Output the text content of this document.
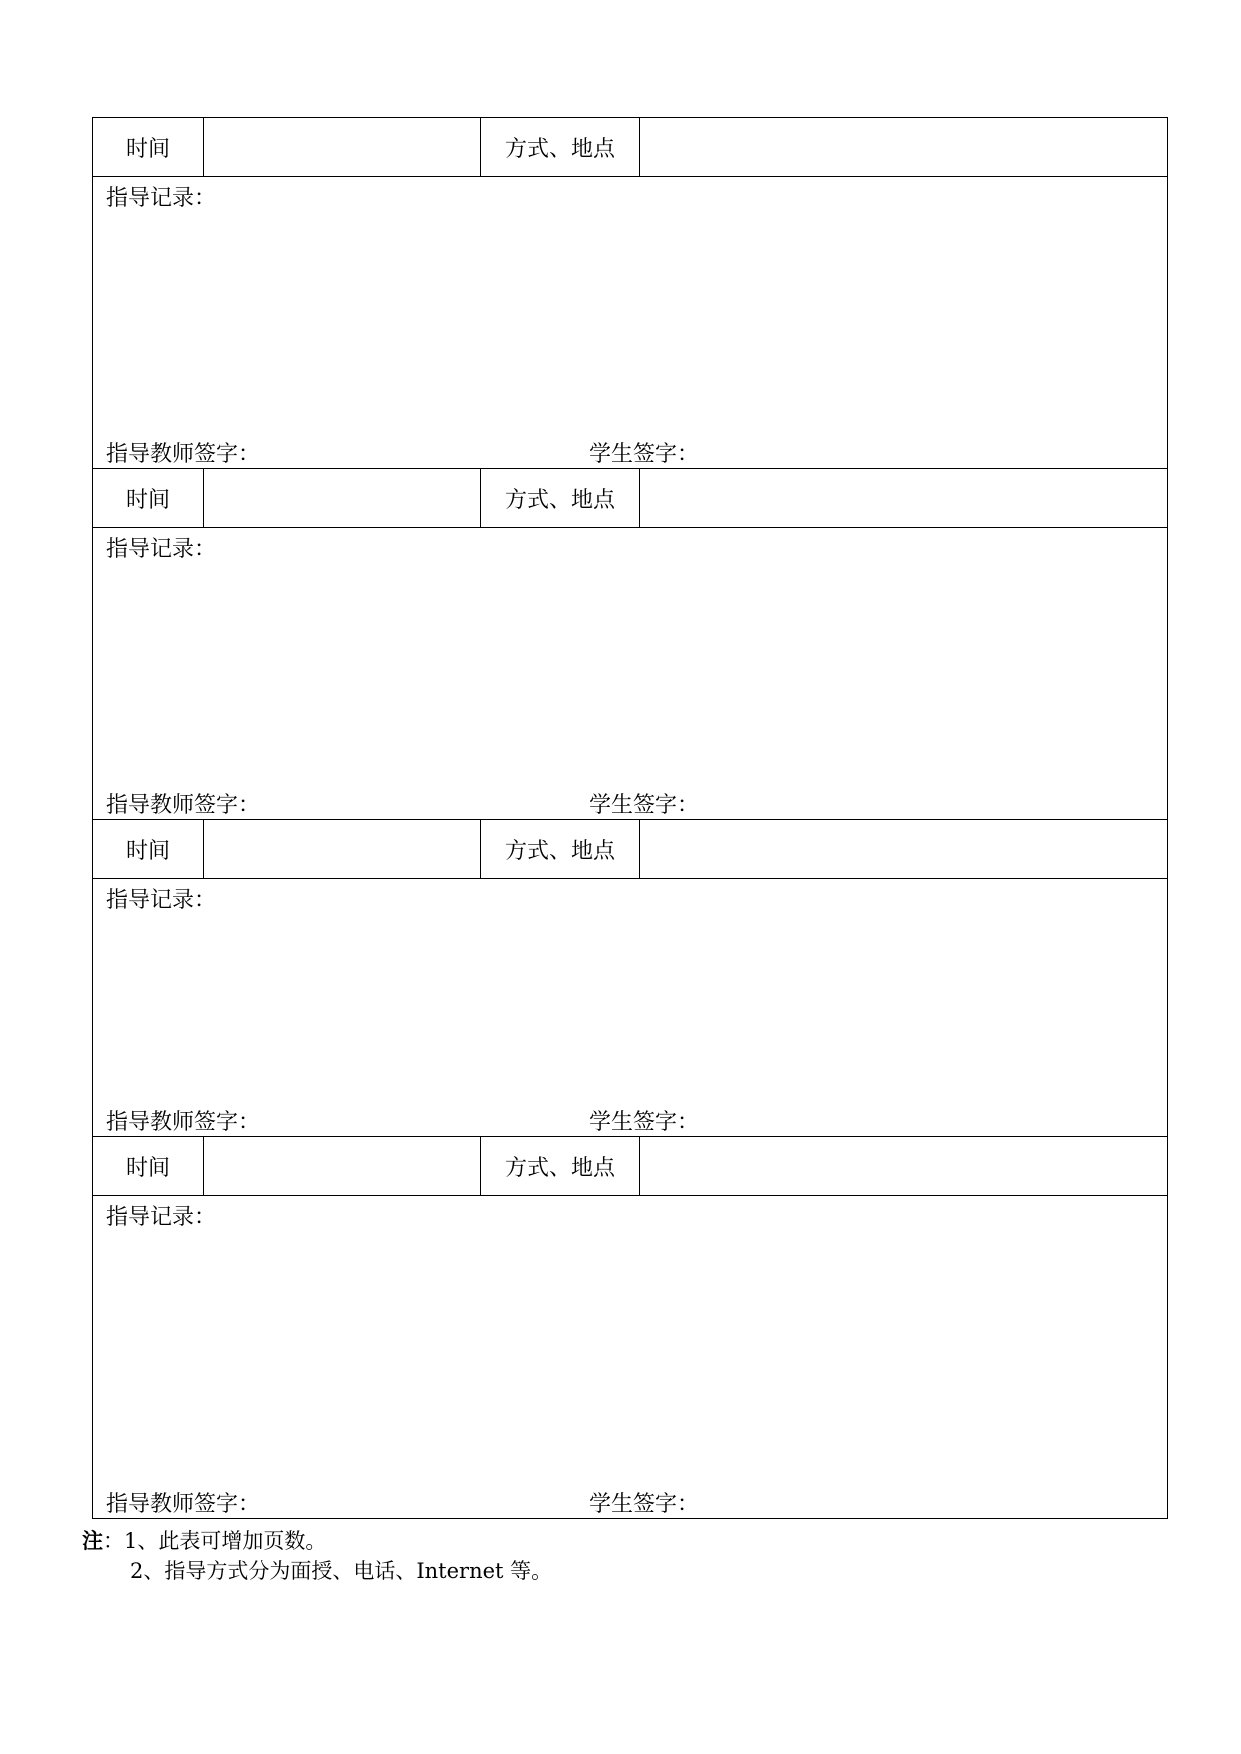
时间	方式、地点
指导记录：
指导教师签字：	学生签字：
时间	方式、地点
指导记录：
指导教师签字：	学生签字：
时间	方式、地点
指导记录：
指导教师签字：	学生签字：
时间	方式、地点
指导记录：
指导教师签字：	学生签字：
注：1、此表可增加页数。
2、指导方式分为面授、电话、Internet 等。
